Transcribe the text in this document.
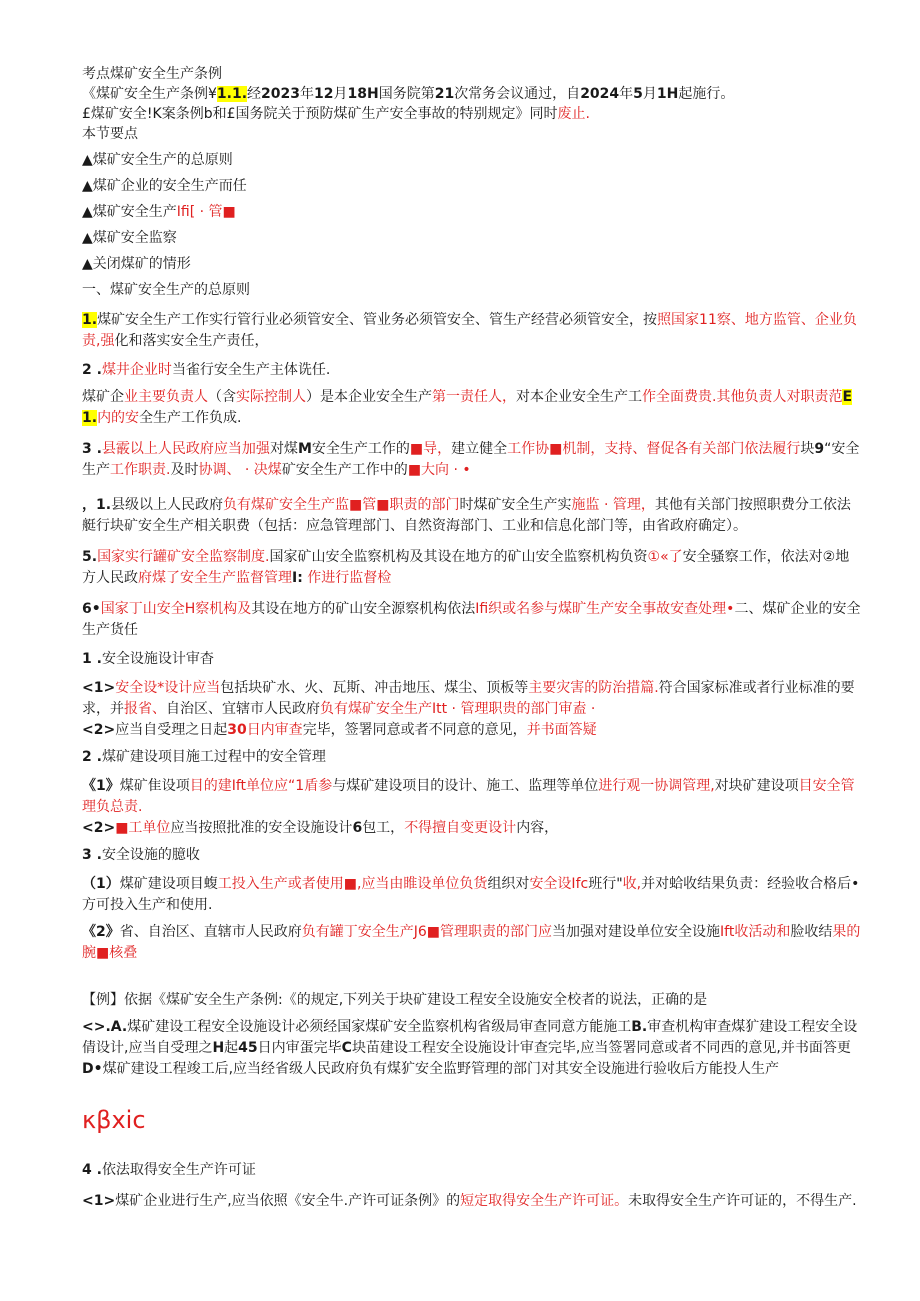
考点煤矿安全生产条例

《煤矿安全生产条例¥1.1.经2023年12月18H国务院第21次常务会议通过，自2024年5月1H起施行。

£煤矿安全!K案条例b和£国务院关于预防煤矿生产安全事故的特别规定》同时废止.

本节要点

▲煤矿安全生产的总原则

▲煤矿企业的安全生产而任

▲煤矿安全生产Ifi[ · 管■

▲煤矿安全监察

▲关闭煤矿的情形

一、煤矿安全生产的总原则

1.煤矿安全生产工作实行管行业必须管安全、管业务必须管安全、管生产经营必须管安全，按照国家11察、地方监管、企业负责,强化和落实安全生产责任，

2 .煤井企业时当雀行安全生产主体诜任.

煤矿企业主要负责人（含实际控制人）是本企业安全生产第一责任人，对本企业安全生产工作全面费贵.其他负责人对职责范E1.内的安全生产工作负成.

3 .县霰以上人民政府应当加强对煤M安全生产工作的■导，建立健全工作协■机制，支持、督促各有关部门依法履行块9“安全生产工作职责.及时协调、 · 决煤矿安全生产工作中的■大向 · •

，1.县级以上人民政府负有煤矿安全生产监■管■职责的部门时煤矿安全生产实施监 · 管理，其他有关部门按照职费分工依法艇行块矿安全生产相关职费（包括：应急管理部门、自然资海部门、工业和信息化部门等，由省政府确定）。

5.国家实行罐矿安全监察制度.国家矿山安全监察机构及其设在地方的矿山安全监察机构负资①«了安全骚察工作，依法对②地方人民政府煤了安全生产监督管理I: 作进行监督检

6•国家丁山安全H察机构及其设在地方的矿山安全源察机构依法Ifi织或名参与煤旷生产安全事故安查处理•二、煤矿企业的安全生产货任

1 .安全设施设计审杳

<1>安全设*设计应当包括块矿水、火、瓦斯、冲击地压、煤尘、顶板等主要灾害的防治措篇.符合国家标准或者行业标准的要求，并报省、自治区、宜辖市人民政府负有煤矿安全生产Itt · 管理职贵的部门审盍 ·

<2>应当自受理之日起30日内审查完毕，签署同意或者不同意的意见，并书面答疑

2 .煤矿建设项目施工过程中的安全管理

《1》煤矿隹设项目的建Ift单位应“1盾参与煤矿建设项目的设计、施工、监理等单位进行观一协调管理,对块矿建设项目安全管理负总责.

<2>■工单位应当按照批准的安全设施设计6包工，不得擅自变更设计内容，

3 .安全设施的臆收

（1）煤矿建设项目蝮工投入生产或者使用■,应当由睢设单位负货组织对安全设Ifc班行"收,并对蛤收结果负责：经验收合格后•方可投入生产和使用.

《2》省、自治区、直辖市人民政府负有罐丁安全生产J6■管理职责的部门应当加强对建设单位安全设施Ift收活动和脸收结果的腕■核叠

【例】依据《煤矿安全生产条例:《的规定,下列关于块矿建设工程安全设施安全校者的说法，正确的是

<>.A.煤矿建设工程安全设施设计必须经国家煤矿安全监察机构省级局审查同意方能施工B.审查机构审查煤犷建设工程安全设倩设计,应当自受理之H起45日内审蛋完毕C块苗建设工程安全设施设计审查完毕,应当签署同意或者不同西的意见,并书面答更D•煤矿建设工程竣工后,应当经省级人民政府负有煤犷安全监野管理的部门对其安全设施进行验收后方能投人生产

κβxic

4 .依法取得安全生产许可证

<1>煤矿企业进行生产,应当依照《安全牛.产许可证条例》的短定取得安全生产许可证。未取得安全生产许可证的，不得生产.
